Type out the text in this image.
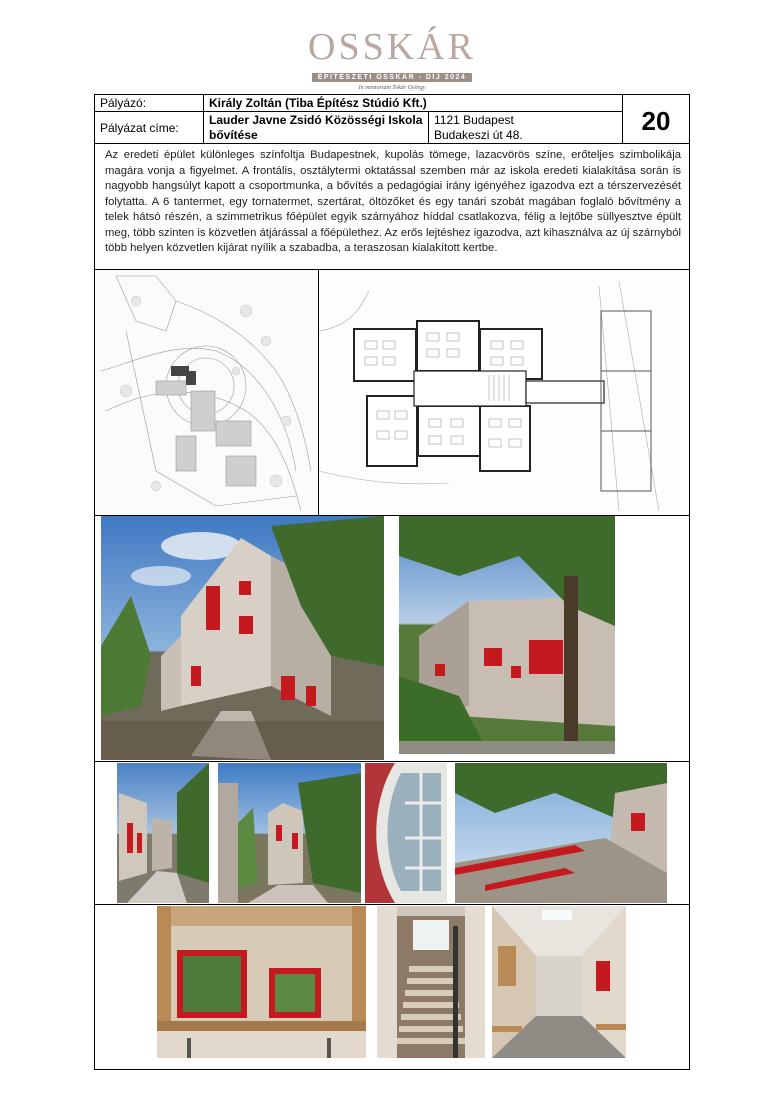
OSSKÁR
ÉPÍTÉSZETI OSSKÁR - DÍJ 2024
In memoriam Tokár György
Pályázó:	Király Zoltán (Tiba Építész Stúdió Kft.)
Pályázat címe:
Lauder Javne Zsidó Közösségi Iskola
bővítése
1121 Budapest
Budakeszi út 48.	20
Az eredeti épület különleges színfoltja Budapestnek, kupolás tömege, lazacvörös színe, erőteljes szimbolikája magára vonja a figyelmet. A frontális, osztálytermi oktatással szemben már az iskola eredeti kialakítása során is nagyobb hangsúlyt kapott a csoportmunka, a bővítés a pedagógiai irány igényéhez igazodva ezt a térszervezését folytatta. A 6 tantermet, egy tornatermet, szertárat, öltözőket és egy tanári szobát magában foglaló bővítmény a telek hátsó részén, a szimmetrikus főépület egyik szárnyához híddal csatlakozva, félig a lejtőbe süllyesztve épült meg, több szinten is közvetlen átjárással a főépülethez. Az erős lejtéshez igazodva, azt kihasználva az új szárnyból több helyen közvetlen kijárat nyílik a szabadba, a teraszosan kialakított kertbe.
